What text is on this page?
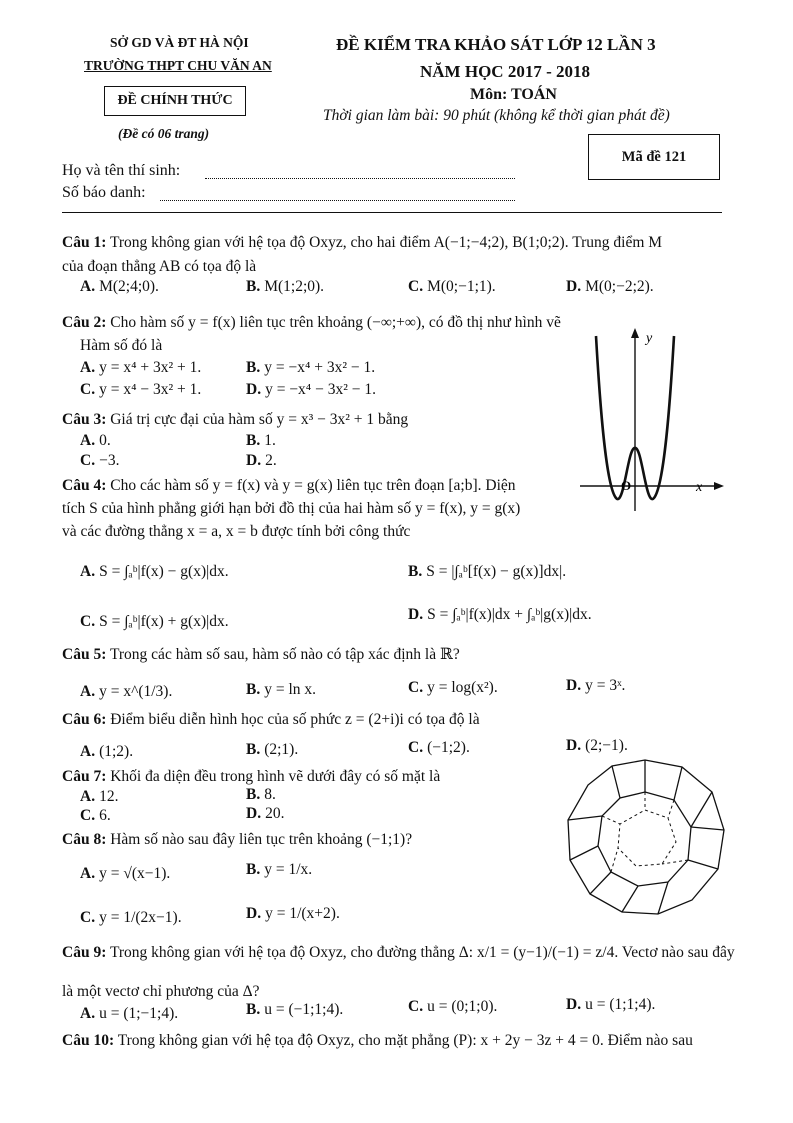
SỞ GD VÀ ĐT HÀ NỘI
TRƯỜNG THPT CHU VĂN AN
ĐỀ CHÍNH THỨC
(Đề có 06 trang)
ĐỀ KIỂM TRA KHẢO SÁT LỚP 12 LẦN 3
NĂM HỌC 2017 - 2018
Môn: TOÁN
Thời gian làm bài: 90 phút (không kể thời gian phát đề)
Mã đề 121
Họ và tên thí sinh:
Số báo danh:
Câu 1: Trong không gian với hệ tọa độ Oxyz, cho hai điểm A(−1;−4;2), B(1;0;2). Trung điểm M
của đoạn thẳng AB có tọa độ là
A. M(2;4;0).	B. M(1;2;0).	C. M(0;−1;1).	D. M(0;−2;2).
Câu 2: Cho hàm số y = f(x) liên tục trên khoảng (−∞;+∞), có đồ thị như hình vẽ
Hàm số đó là
A. y = x⁴ + 3x² + 1.	B. y = −x⁴ + 3x² − 1.
C. y = x⁴ − 3x² + 1.	D. y = −x⁴ − 3x² − 1.
y
x
O
Câu 3: Giá trị cực đại của hàm số y = x³ − 3x² + 1 bằng
A. 0.	B. 1.
C. −3.	D. 2.
Câu 4: Cho các hàm số y = f(x) và y = g(x) liên tục trên đoạn [a;b]. Diện
tích S của hình phẳng giới hạn bởi đồ thị của hai hàm số y = f(x), y = g(x)
và các đường thẳng x = a, x = b được tính bởi công thức
A. S = ∫ₐᵇ|f(x) − g(x)|dx.	B. S = |∫ₐᵇ[f(x) − g(x)]dx|.
C. S = ∫ₐᵇ|f(x) + g(x)|dx.	D. S = ∫ₐᵇ|f(x)|dx + ∫ₐᵇ|g(x)|dx.
Câu 5: Trong các hàm số sau, hàm số nào có tập xác định là ℝ?
A. y = x^(1/3).	B. y = ln x.	C. y = log(x²).	D. y = 3ˣ.
Câu 6: Điểm biểu diễn hình học của số phức z = (2+i)i có tọa độ là
A. (1;2).	B. (2;1).	C. (−1;2).	D. (2;−1).
Câu 7: Khối đa diện đều trong hình vẽ dưới đây có số mặt là
A. 12.	B. 8.
C. 6.	D. 20.
Câu 8: Hàm số nào sau đây liên tục trên khoảng (−1;1)?
A. y = √(x−1).	B. y = 1/x.
C. y = 1/(2x−1).	D. y = 1/(x+2).
Câu 9: Trong không gian với hệ tọa độ Oxyz, cho đường thẳng Δ: x/1 = (y−1)/(−1) = z/4. Vectơ nào sau đây
là một vectơ chỉ phương của Δ?
A. u = (1;−1;4).	B. u = (−1;1;4).	C. u = (0;1;0).	D. u = (1;1;4).
Câu 10: Trong không gian với hệ tọa độ Oxyz, cho mặt phẳng (P): x + 2y − 3z + 4 = 0. Điểm nào sau
